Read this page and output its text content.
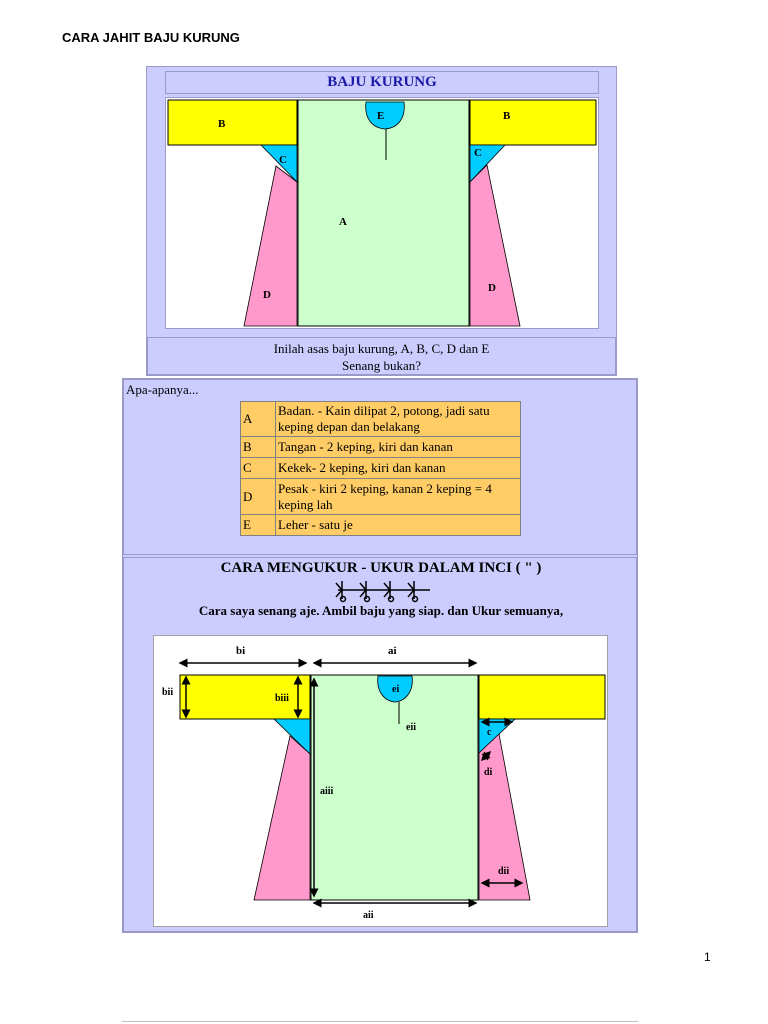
CARA JAHIT BAJU KURUNG
BAJU KURUNG
B
B
E
C
C
A
D
D
Inilah asas baju kurung, A, B, C, D dan E
Senang bukan?
Apa-apanya...
A	Badan. - Kain dilipat 2, potong, jadi satu keping depan dan belakang
B	Tangan - 2 keping, kiri dan kanan
C	Kekek- 2 keping, kiri dan kanan
D	Pesak - kiri 2 keping, kanan 2 keping = 4 keping lah
E	Leher - satu je
CARA MENGUKUR - UKUR DALAM INCI ( " )
Cara saya senang aje. Ambil baju yang siap. dan Ukur semuanya,
bi	ai
bii
biii
ei
eii	c
di
aiii
dii
aii
1
